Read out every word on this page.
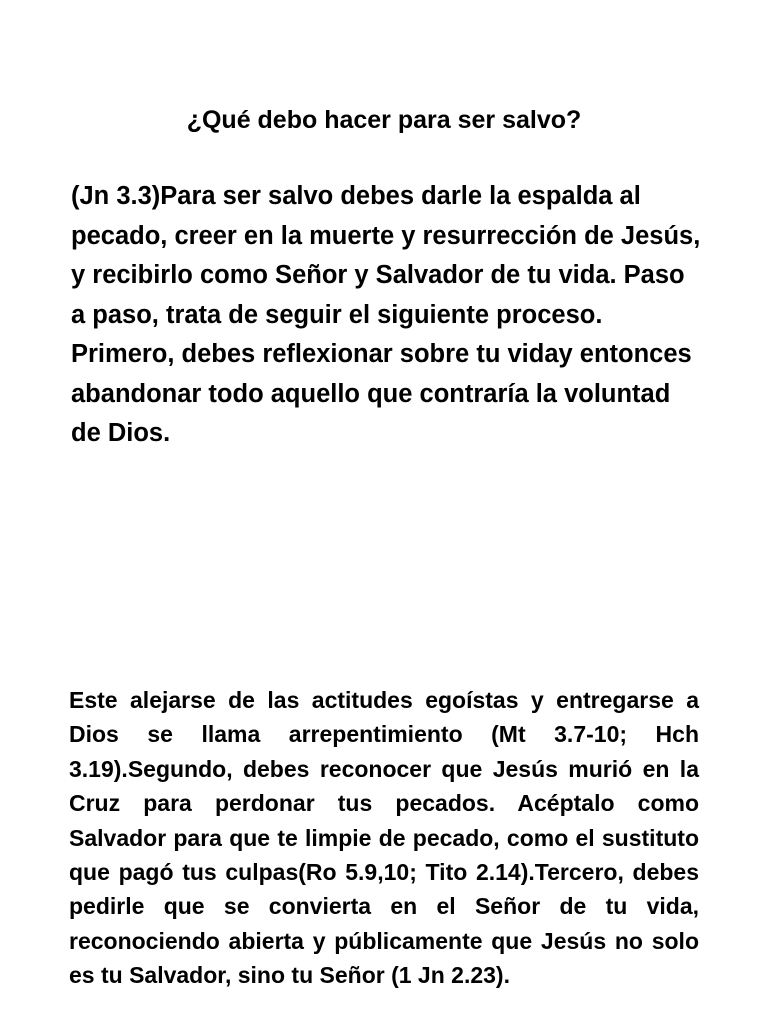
¿Qué debo hacer para ser salvo?

(Jn 3.3)Para ser salvo debes darle la espalda al pecado, creer en la muerte y resurrección de Jesús, y recibirlo como Señor y Salvador de tu vida. Paso a paso, trata de seguir el siguiente proceso. Primero, debes reflexionar sobre tu viday entonces abandonar todo aquello que contraría la voluntad de Dios.

Este alejarse de las actitudes egoístas y entregarse a Dios se llama arrepentimiento (Mt 3.7-10; Hch 3.19).Segundo, debes reconocer que Jesús murió en la Cruz para perdonar tus pecados. Acéptalo como Salvador para que te limpie de pecado, como el sustituto que pagó tus culpas(Ro 5.9,10; Tito 2.14).Tercero, debes pedirle que se convierta en el Señor de tu vida, reconociendo abierta y públicamente que Jesús no solo es tu Salvador, sino tu Señor (1 Jn 2.23).
